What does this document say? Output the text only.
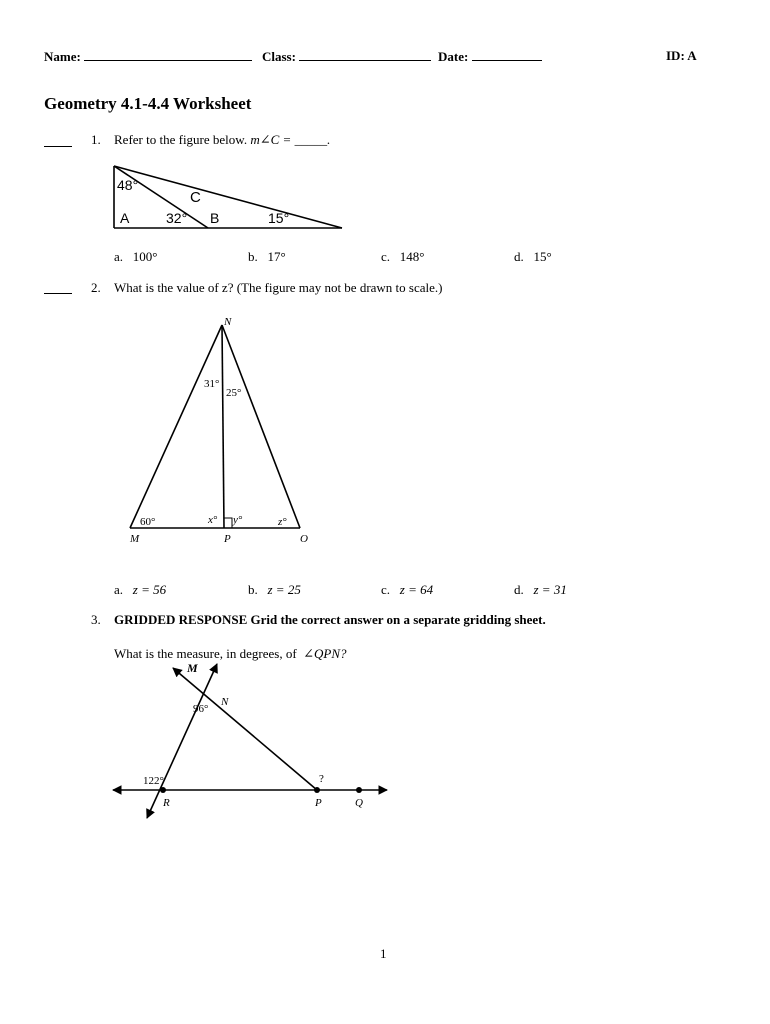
Name:	Class:	Date:	ID: A
Geometry 4.1-4.4 Worksheet
1. Refer to the figure below. m∠C = _____.
48°
C
A	32° B	15°
a. 100°	b. 17°	c. 148°	d. 15°
2. What is the value of z? (The figure may not be drawn to scale.)
N
31°
25°
60°	x° y°	z°
M	P	O
a. z = 56	b. z = 25	c. z = 64	d. z = 31
3. GRIDDED RESPONSE Grid the correct answer on a separate gridding sheet.
What is the measure, in degrees, of ∠QPN?
M
N
96°
122°	?
R	P	Q
1
